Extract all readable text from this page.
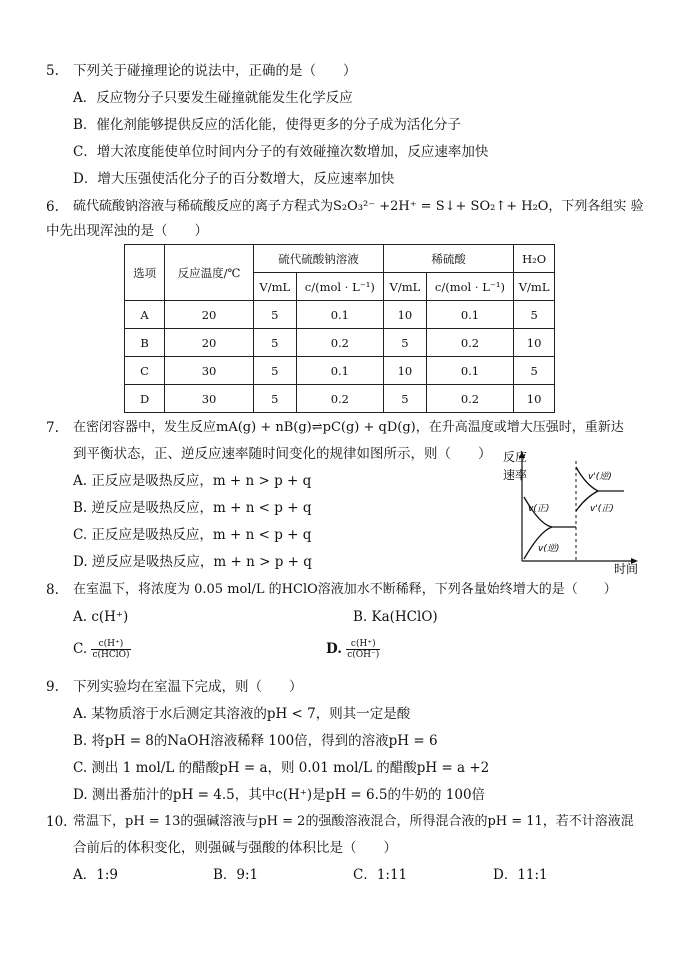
5. 下列关于碰撞理论的说法中，正确的是（　　）
A．反应物分子只要发生碰撞就能发生化学反应
B．催化剂能够提供反应的活化能，使得更多的分子成为活化分子
C．增大浓度能使单位时间内分子的有效碰撞次数增加，反应速率加快
D．增大压强使活化分子的百分数增大，反应速率加快
6. 硫代硫酸钠溶液与稀硫酸反应的离子方程式为S₂O₃²⁻ +2H⁺ = S↓+ SO₂↑+ H₂O，下列各组实 验
中先出现浑浊的是（　　）
选项	反应温度/℃	硫代硫酸钠溶液		稀硫酸		H₂O
		V/mL	c/(mol · L⁻¹)	V/mL	c/(mol · L⁻¹)	V/mL
A	20	5	0.1	10	0.1	5
B	20	5	0.2	5	0.2	10
C	30	5	0.1	10	0.1	5
D	30	5	0.2	5	0.2	10
7. 在密闭容器中，发生反应mA(g) + nB(g)⇌pC(g) + qD(g)，在升高温度或增大压强时，重新达
到平衡状态，正、逆反应速率随时间变化的规律如图所示，则（　　）
A. 正反应是吸热反应，m + n > p + q
B. 逆反应是吸热反应，m + n < p + q
C. 正反应是吸热反应，m + n < p + q
D. 逆反应是吸热反应，m + n > p + q
反应
速率
时间
v(正)
v(逆)
v'(逆)
v'(正)
8. 在室温下，将浓度为 0.05 mol/L 的HClO溶液加水不断稀释，下列各量始终增大的是（　　）
A. c(H⁺)	B. Ka(HClO)
C. $\frac{c(H^+)}{\text{c(HClO)}}$	D. $\frac{c(H^+)}{c(OH^-)}$
9. 下列实验均在室温下完成，则（　　）
A. 某物质溶于水后测定其溶液的pH < 7，则其一定是酸
B. 将pH = 8的NaOH溶液稀释 100倍，得到的溶液pH = 6
C. 测出 1 mol/L 的醋酸pH = a，则 0.01 mol/L 的醋酸pH = a +2
D. 测出番茄汁的pH = 4.5，其中c(H⁺)是pH = 6.5的牛奶的 100倍
10. 常温下，pH = 13的强碱溶液与pH = 2的强酸溶液混合，所得混合液的pH = 11，若不计溶液混
合前后的体积变化，则强碱与强酸的体积比是（　　）
A．1:9	B．9:1	C．1:11	D．11:1
